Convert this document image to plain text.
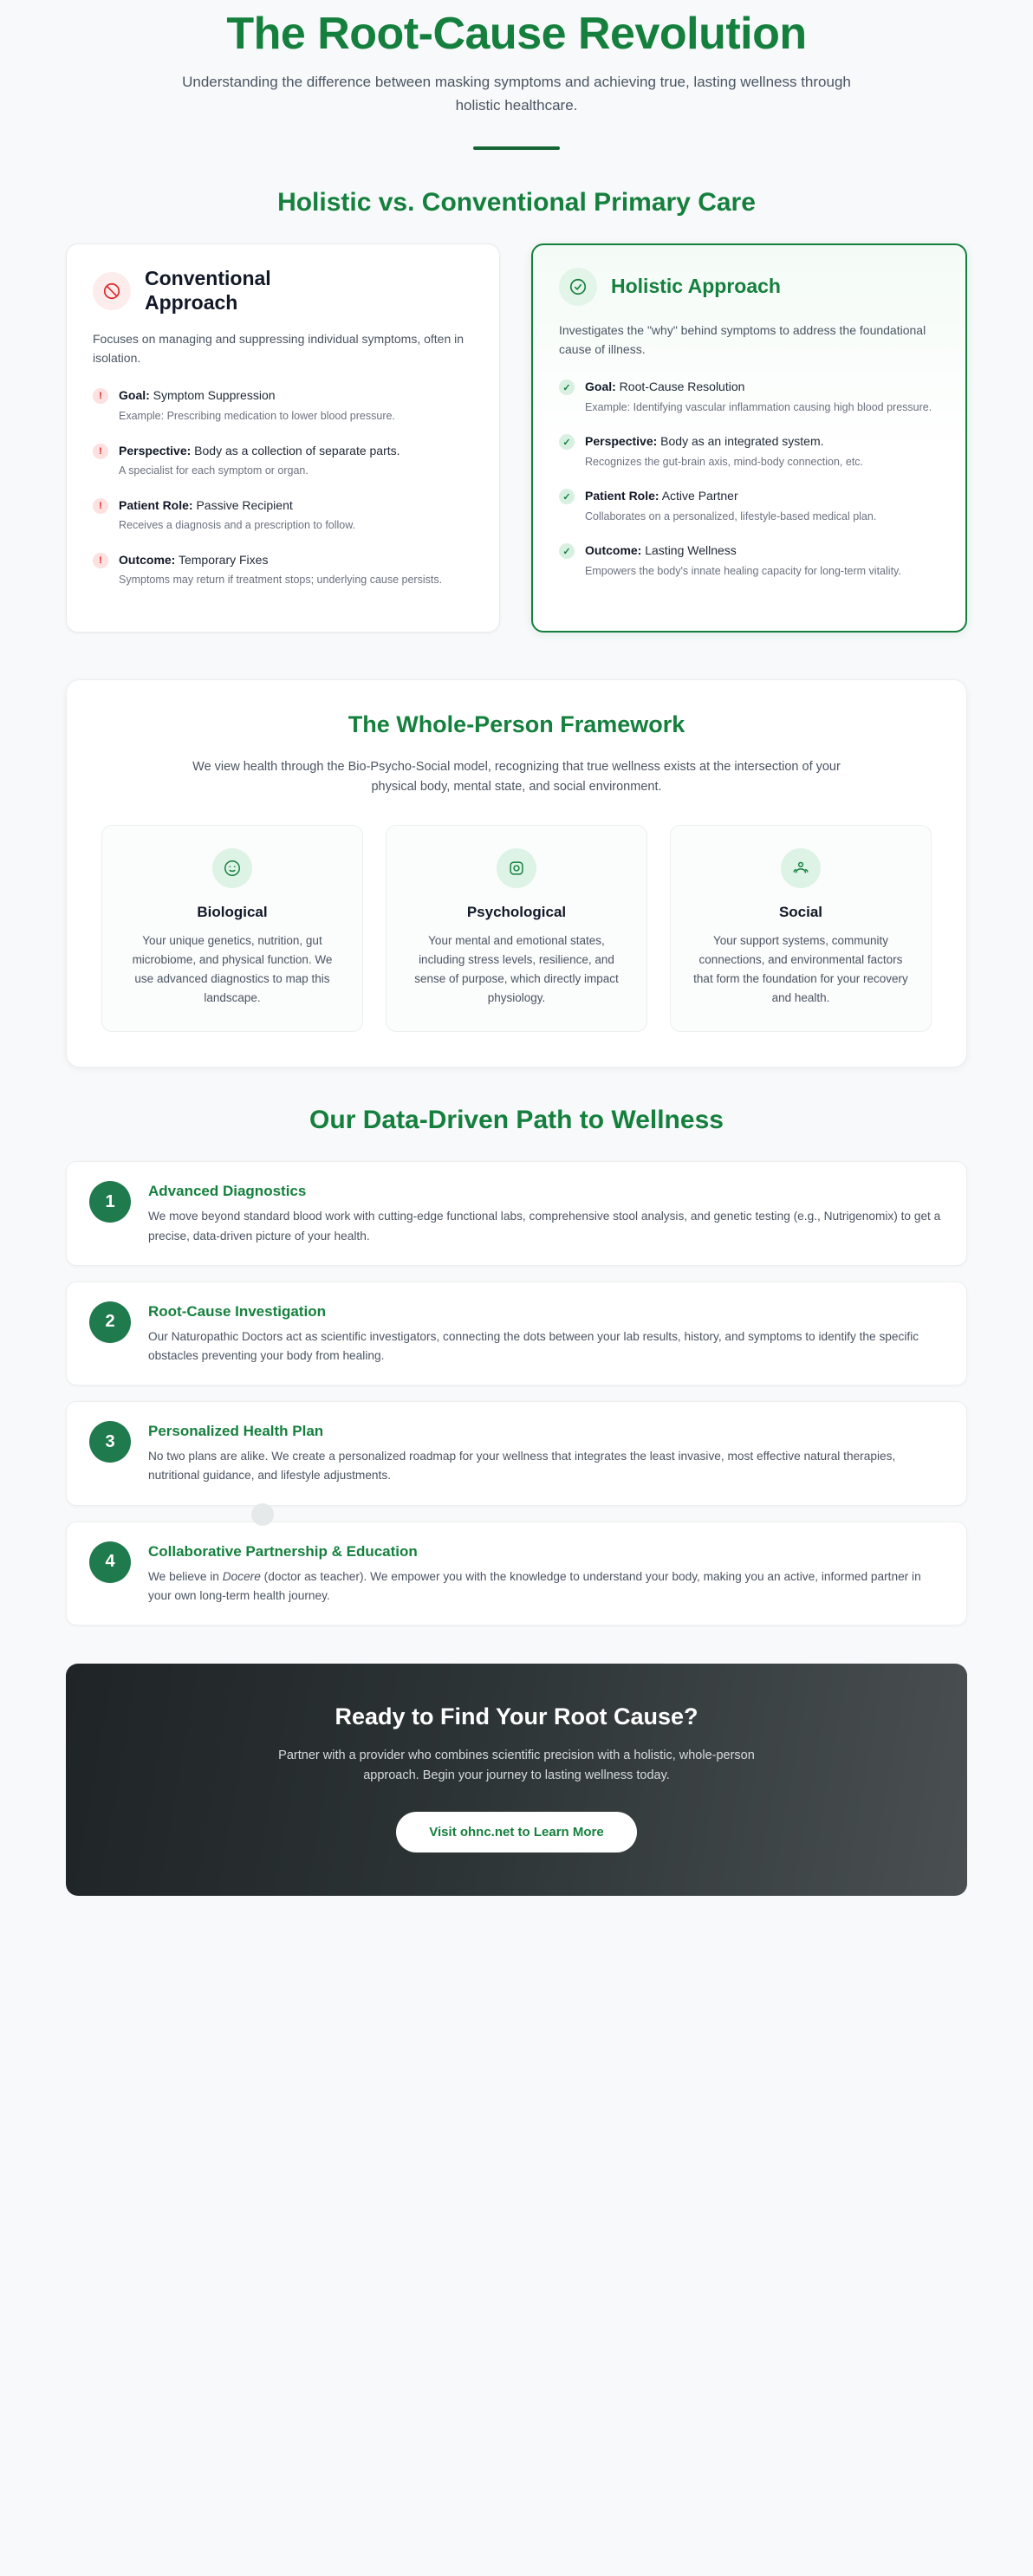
The Root-Cause Revolution

Understanding the difference between masking symptoms and achieving true, lasting wellness through holistic healthcare.

Holistic vs. Conventional Primary Care
Conventional Approach

Focuses on managing and suppressing individual symptoms, often in isolation.

!	Goal: Symptom Suppression
Example: Prescribing medication to lower blood pressure.
!	Perspective: Body as a collection of separate parts.
A specialist for each symptom or organ.
!	Patient Role: Passive Recipient
Receives a diagnosis and a prescription to follow.
!	Outcome: Temporary Fixes
Symptoms may return if treatment stops; underlying cause persists.
Holistic Approach

Investigates the "why" behind symptoms to address the foundational cause of illness.

✓	Goal: Root-Cause Resolution
Example: Identifying vascular inflammation causing high blood pressure.
✓	Perspective: Body as an integrated system.
Recognizes the gut-brain axis, mind-body connection, etc.
✓	Patient Role: Active Partner
Collaborates on a personalized, lifestyle-based medical plan.
✓	Outcome: Lasting Wellness
Empowers the body's innate healing capacity for long-term vitality.
The Whole-Person Framework

We view health through the Bio-Psycho-Social model, recognizing that true wellness exists at the intersection of your physical body, mental state, and social environment.

Biological

Your unique genetics, nutrition, gut microbiome, and physical function. We use advanced diagnostics to map this landscape.

Psychological

Your mental and emotional states, including stress levels, resilience, and sense of purpose, which directly impact physiology.

Social

Your support systems, community connections, and environmental factors that form the foundation for your recovery and health.

Our Data-Driven Path to Wellness
1
Advanced Diagnostics

We move beyond standard blood work with cutting-edge functional labs, comprehensive stool analysis, and genetic testing (e.g., Nutrigenomix) to get a precise, data-driven picture of your health.

2
Root-Cause Investigation

Our Naturopathic Doctors act as scientific investigators, connecting the dots between your lab results, history, and symptoms to identify the specific obstacles preventing your body from healing.

3
Personalized Health Plan

No two plans are alike. We create a personalized roadmap for your wellness that integrates the least invasive, most effective natural therapies, nutritional guidance, and lifestyle adjustments.

4
Collaborative Partnership & Education

We believe in Docere (doctor as teacher). We empower you with the knowledge to understand your body, making you an active, informed partner in your own long-term health journey.

Ready to Find Your Root Cause?

Partner with a provider who combines scientific precision with a holistic, whole-person approach. Begin your journey to lasting wellness today.

Visit ohnc.net to Learn More
